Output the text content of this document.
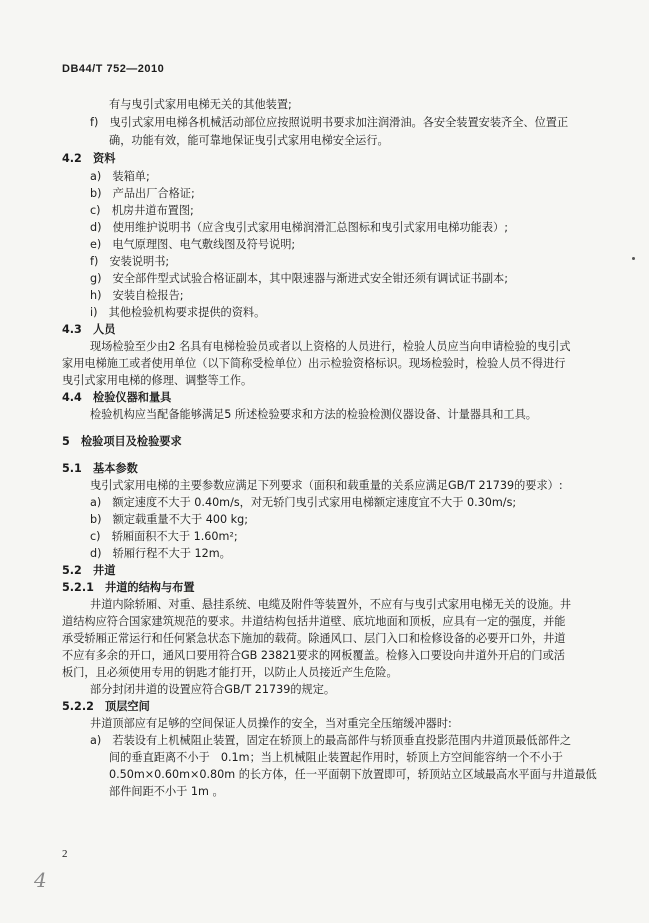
DB44/T 752—2010
有与曳引式家用电梯无关的其他装置;
f)　曳引式家用电梯各机械活动部位应按照说明书要求加注润滑油。各安全装置安装齐全、位置正
确，功能有效，能可靠地保证曳引式家用电梯安全运行。
4.2　资料
a)　装箱单;
b)　产品出厂合格证;
c)　机房井道布置图;
d)　使用维护说明书（应含曳引式家用电梯润滑汇总图标和曳引式家用电梯功能表）;
e)　电气原理图、电气敷线图及符号说明;
f)　安装说明书;
g)　安全部件型式试验合格证副本，其中限速器与渐进式安全钳还须有调试证书副本;
h)　安装自检报告;
i)　其他检验机构要求提供的资料。
4.3　人员
现场检验至少由2 名具有电梯检验员或者以上资格的人员进行，检验人员应当向申请检验的曳引式
家用电梯施工或者使用单位（以下简称受检单位）出示检验资格标识。现场检验时，检验人员不得进行
曳引式家用电梯的修理、调整等工作。
4.4　检验仪器和量具
检验机构应当配备能够满足5 所述检验要求和方法的检验检测仪器设备、计量器具和工具。
5　检验项目及检验要求
5.1　基本参数
曳引式家用电梯的主要参数应满足下列要求（面积和载重量的关系应满足GB/T 21739的要求）:
a)　额定速度不大于 0.40m/s，对无轿门曳引式家用电梯额定速度宜不大于 0.30m/s;
b)　额定载重量不大于 400 kg;
c)　轿厢面积不大于 1.60m²;
d)　轿厢行程不大于 12m。
5.2　井道
5.2.1　井道的结构与布置
井道内除轿厢、对重、悬挂系统、电缆及附件等装置外，不应有与曳引式家用电梯无关的设施。井
道结构应符合国家建筑规范的要求。井道结构包括井道壁、底坑地面和顶板，应具有一定的强度，并能
承受轿厢正常运行和任何紧急状态下施加的载荷。除通风口、层门入口和检修设备的必要开口外，井道
不应有多余的开口，通风口要用符合GB 23821要求的网板覆盖。检修入口要设向井道外开启的门或活
板门，且必须使用专用的钥匙才能打开，以防止人员接近产生危险。
部分封闭井道的设置应符合GB/T 21739的规定。
5.2.2　顶层空间
井道顶部应有足够的空间保证人员操作的安全，当对重完全压缩缓冲器时:
a)　若装设有上机械阻止装置，固定在轿顶上的最高部件与轿顶垂直投影范围内井道顶最低部件之
间的垂直距离不小于　0.1m；当上机械阻止装置起作用时，轿顶上方空间能容纳一个不小于
0.50m×0.60m×0.80m 的长方体，任一平面朝下放置即可，轿顶站立区域最高水平面与井道最低
部件间距不小于 1m 。
2
4
